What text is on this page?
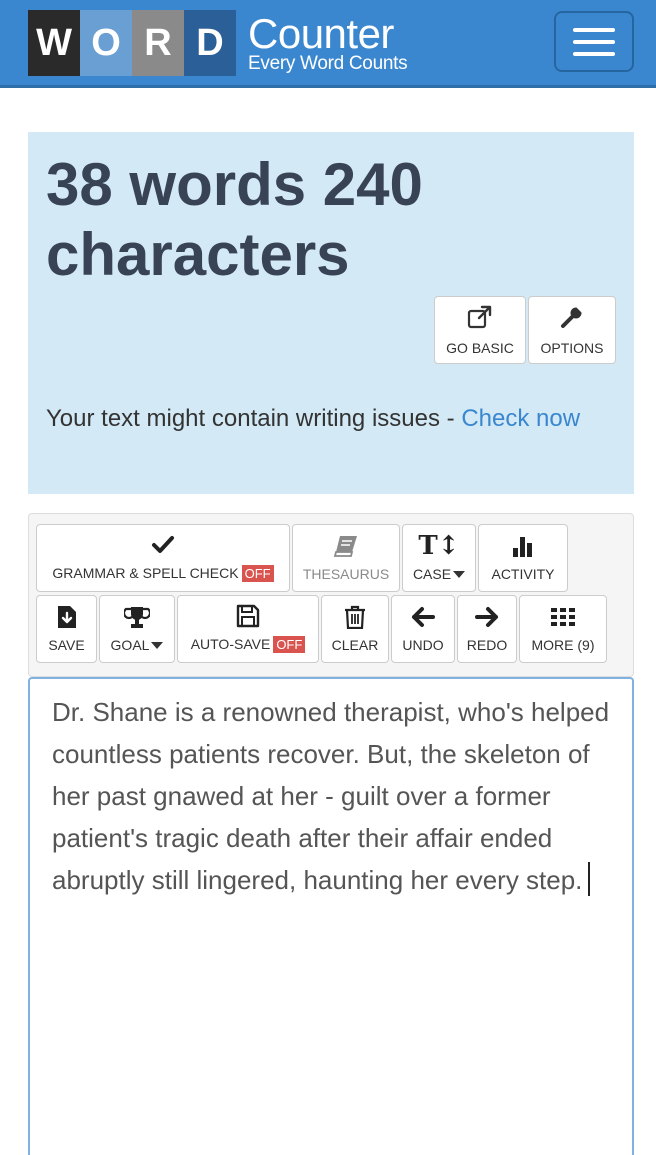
W O R D Counter
Every Word Counts
38 words 240 characters
GO BASIC OPTIONS
Your text might contain writing issues - Check now
GRAMMAR & SPELL CHECK OFF THESAURUS
T↕
CASE	ACTIVITY
SAVE GOAL	AUTO-SAVE OFF CLEAR UNDO REDO MORE (9)
Dr. Shane is a renowned therapist, who's helped countless patients recover. But, the skeleton of her past gnawed at her - guilt over a former patient's tragic death after their affair ended abruptly still lingered, haunting her every step.
